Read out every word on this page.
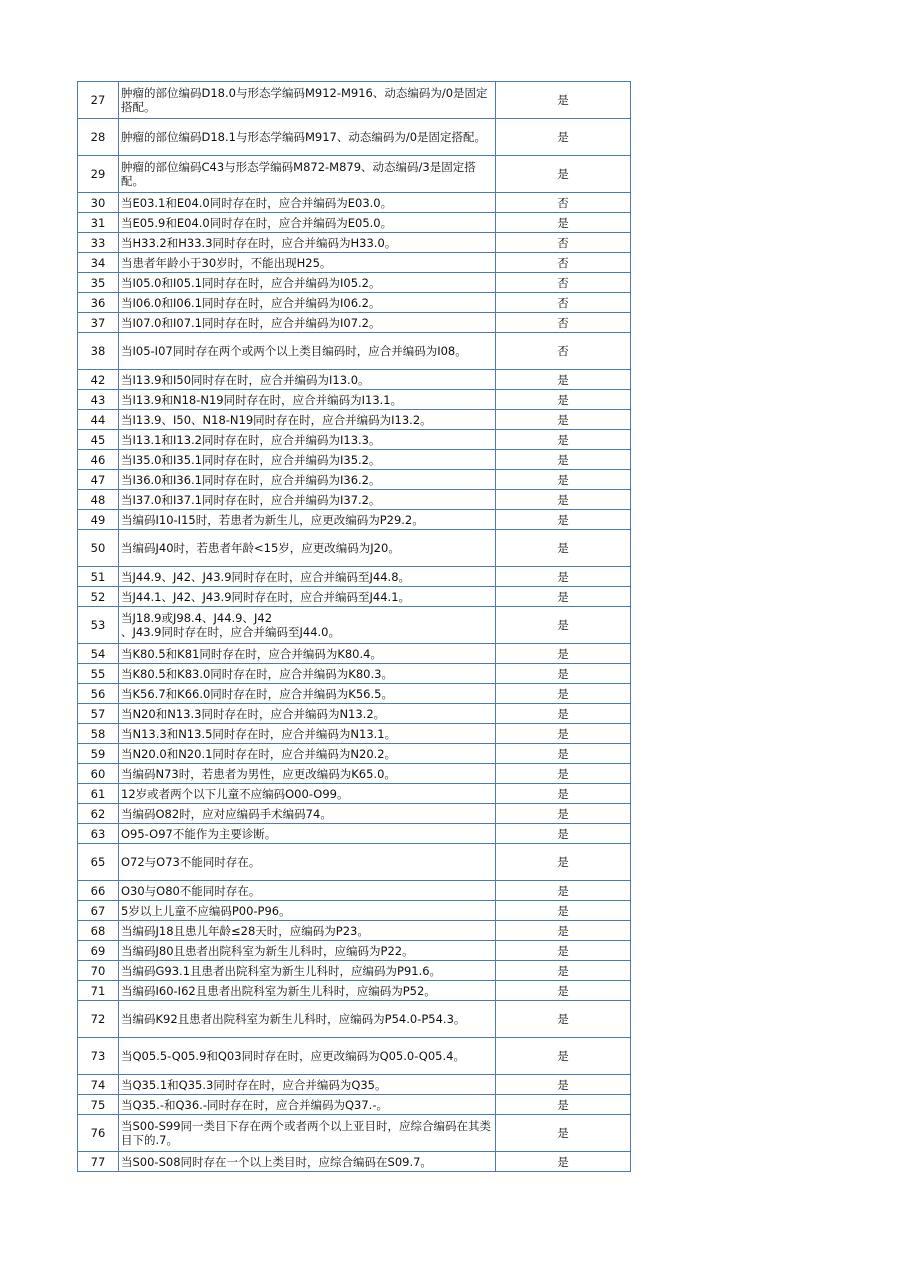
27	肿瘤的部位编码D18.0与形态学编码M912-M916、动态编码为/0是固定搭配。	是
28	肿瘤的部位编码D18.1与形态学编码M917、动态编码为/0是固定搭配。	是
29	肿瘤的部位编码C43与形态学编码M872-M879、动态编码/3是固定搭配。	是
30	当E03.1和E04.0同时存在时，应合并编码为E03.0。	否
31	当E05.9和E04.0同时存在时，应合并编码为E05.0。	是
33	当H33.2和H33.3同时存在时，应合并编码为H33.0。	否
34	当患者年龄小于30岁时，不能出现H25。	否
35	当I05.0和I05.1同时存在时，应合并编码为I05.2。	否
36	当I06.0和I06.1同时存在时，应合并编码为I06.2。	否
37	当I07.0和I07.1同时存在时，应合并编码为I07.2。	否
38	当I05-I07同时存在两个或两个以上类目编码时，应合并编码为I08。	否
42	当I13.9和I50同时存在时，应合并编码为I13.0。	是
43	当I13.9和N18-N19同时存在时，应合并编码为I13.1。	是
44	当I13.9、I50、N18-N19同时存在时，应合并编码为I13.2。	是
45	当I13.1和I13.2同时存在时，应合并编码为I13.3。	是
46	当I35.0和I35.1同时存在时，应合并编码为I35.2。	是
47	当I36.0和I36.1同时存在时，应合并编码为I36.2。	是
48	当I37.0和I37.1同时存在时，应合并编码为I37.2。	是
49	当编码I10-I15时，若患者为新生儿，应更改编码为P29.2。	是
50	当编码J40时，若患者年龄<15岁，应更改编码为J20。	是
51	当J44.9、J42、J43.9同时存在时，应合并编码至J44.8。	是
52	当J44.1、J42、J43.9同时存在时，应合并编码至J44.1。	是
53	当J18.9或J98.4、J44.9、J42
、J43.9同时存在时，应合并编码至J44.0。	是
54	当K80.5和K81同时存在时，应合并编码为K80.4。	是
55	当K80.5和K83.0同时存在时，应合并编码为K80.3。	是
56	当K56.7和K66.0同时存在时，应合并编码为K56.5。	是
57	当N20和N13.3同时存在时，应合并编码为N13.2。	是
58	当N13.3和N13.5同时存在时，应合并编码为N13.1。	是
59	当N20.0和N20.1同时存在时，应合并编码为N20.2。	是
60	当编码N73时，若患者为男性，应更改编码为K65.0。	是
61	12岁或者两个以下儿童不应编码O00-O99。	是
62	当编码O82时，应对应编码手术编码74。	是
63	O95-O97不能作为主要诊断。	是
65	O72与O73不能同时存在。	是
66	O30与O80不能同时存在。	是
67	5岁以上儿童不应编码P00-P96。	是
68	当编码J18且患儿年龄≤28天时，应编码为P23。	是
69	当编码J80且患者出院科室为新生儿科时，应编码为P22。	是
70	当编码G93.1且患者出院科室为新生儿科时，应编码为P91.6。	是
71	当编码I60-I62且患者出院科室为新生儿科时，应编码为P52。	是
72	当编码K92且患者出院科室为新生儿科时，应编码为P54.0-P54.3。	是
73	当Q05.5-Q05.9和Q03同时存在时，应更改编码为Q05.0-Q05.4。	是
74	当Q35.1和Q35.3同时存在时，应合并编码为Q35。	是
75	当Q35.-和Q36.-同时存在时，应合并编码为Q37.-。	是
76	当S00-S99同一类目下存在两个或者两个以上亚目时，应综合编码在其类目下的.7。	是
77	当S00-S08同时存在一个以上类目时，应综合编码在S09.7。	是
